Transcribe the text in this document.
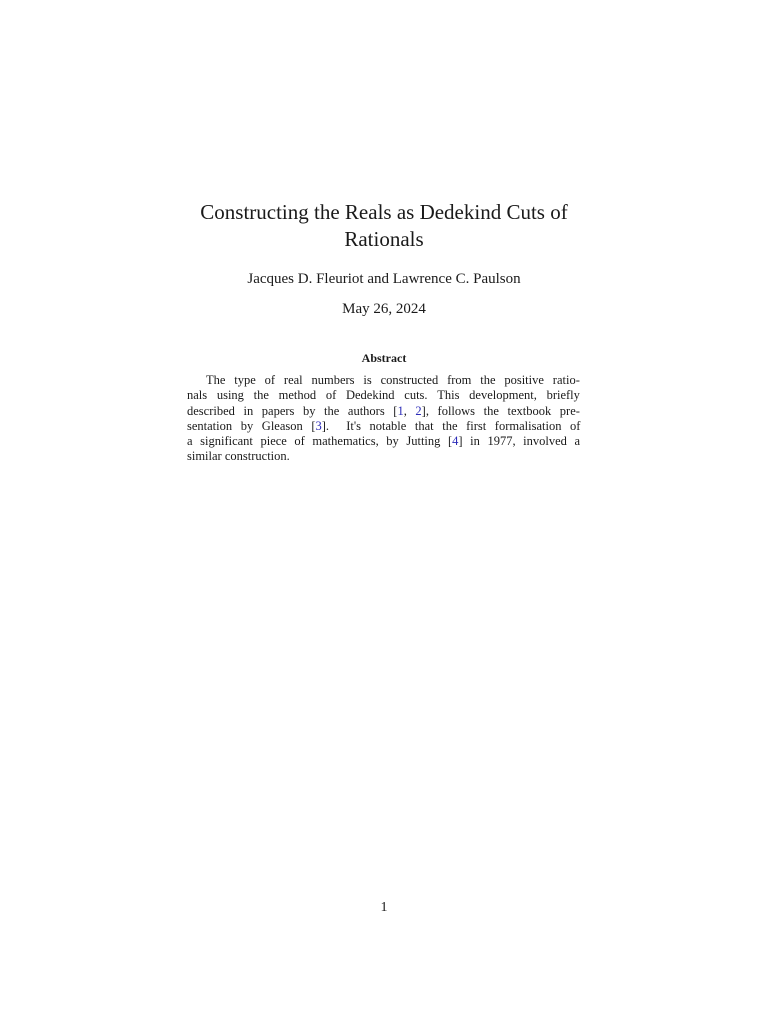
Constructing the Reals as Dedekind Cuts of
Rationals
Jacques D. Fleuriot and Lawrence C. Paulson
May 26, 2024
Abstract
The type of real numbers is constructed from the positive ratio-
nals using the method of Dedekind cuts. This development, briefly
described in papers by the authors [1, 2], follows the textbook pre-
sentation by Gleason [3].  It's notable that the first formalisation of
a significant piece of mathematics, by Jutting [4] in 1977, involved a
similar construction.
1
